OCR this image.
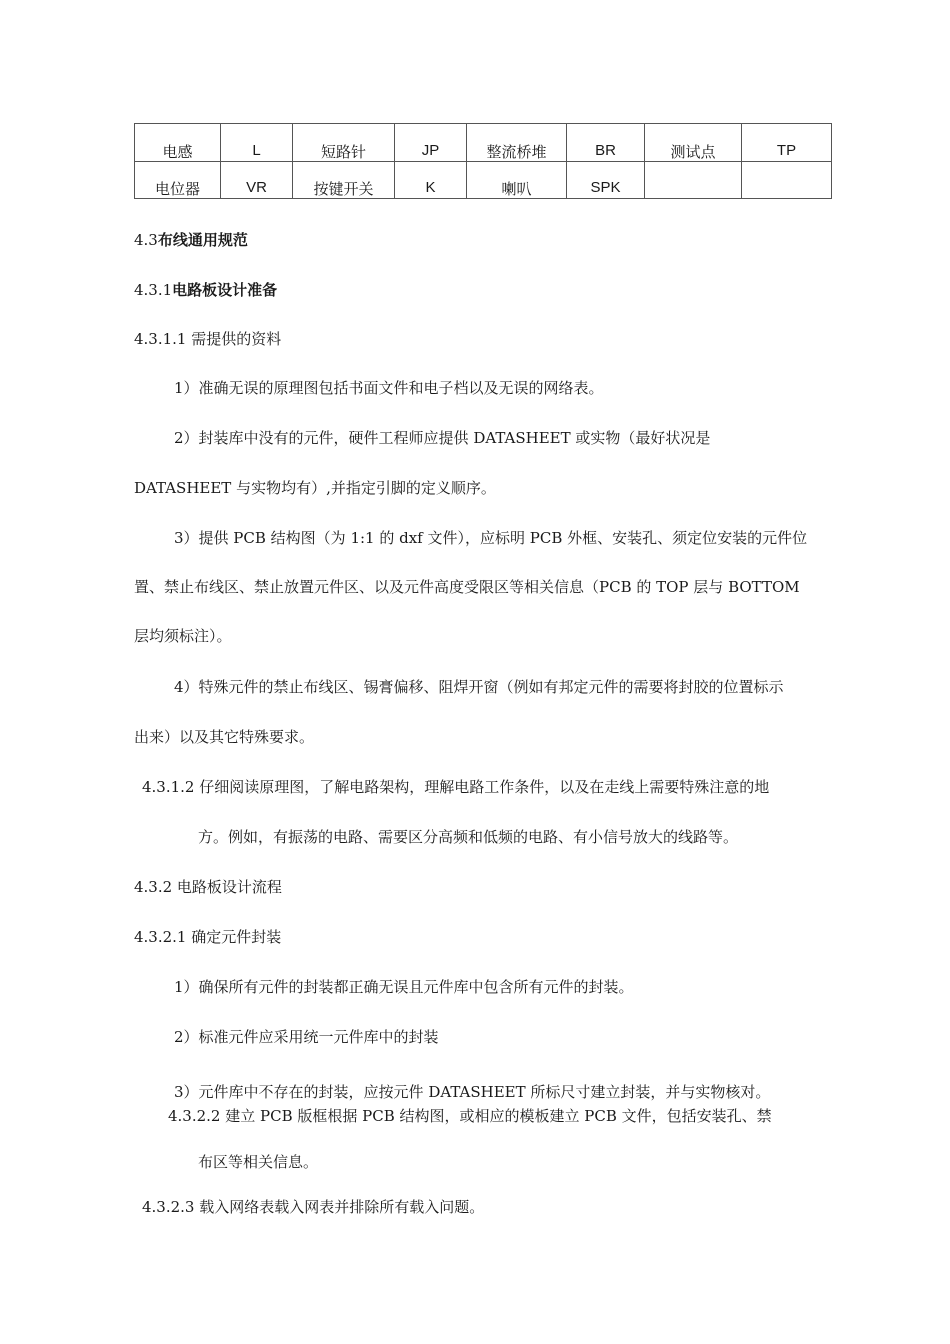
电感	L	短路针	JP	整流桥堆	BR	测试点	TP
电位器	VR	按键开关	K	喇叭	SPK		
4.3布线通用规范
4.3.1电路板设计准备
4.3.1.1 需提供的资料
1）准确无误的原理图包括书面文件和电子档以及无误的网络表。
2）封装库中没有的元件，硬件工程师应提供 DATASHEET 或实物（最好状况是
DATASHEET 与实物均有）,并指定引脚的定义顺序。
3）提供 PCB 结构图（为 1:1 的 dxf 文件），应标明 PCB 外框、安装孔、须定位安装的元件位
置、禁止布线区、禁止放置元件区、以及元件高度受限区等相关信息（PCB 的 TOP 层与 BOTTOM
层均须标注）。
4）特殊元件的禁止布线区、锡膏偏移、阻焊开窗（例如有邦定元件的需要将封胶的位置标示
出来）以及其它特殊要求。
4.3.1.2 仔细阅读原理图，了解电路架构，理解电路工作条件，以及在走线上需要特殊注意的地
方。例如，有振荡的电路、需要区分高频和低频的电路、有小信号放大的线路等。
4.3.2 电路板设计流程
4.3.2.1 确定元件封装
1）确保所有元件的封装都正确无误且元件库中包含所有元件的封装。
2）标准元件应采用统一元件库中的封装
3）元件库中不存在的封装，应按元件 DATASHEET 所标尺寸建立封装，并与实物核对。
4.3.2.2 建立 PCB 版框根据 PCB 结构图，或相应的模板建立 PCB 文件，包括安装孔、禁
布区等相关信息。
4.3.2.3 载入网络表载入网表并排除所有载入问题。
